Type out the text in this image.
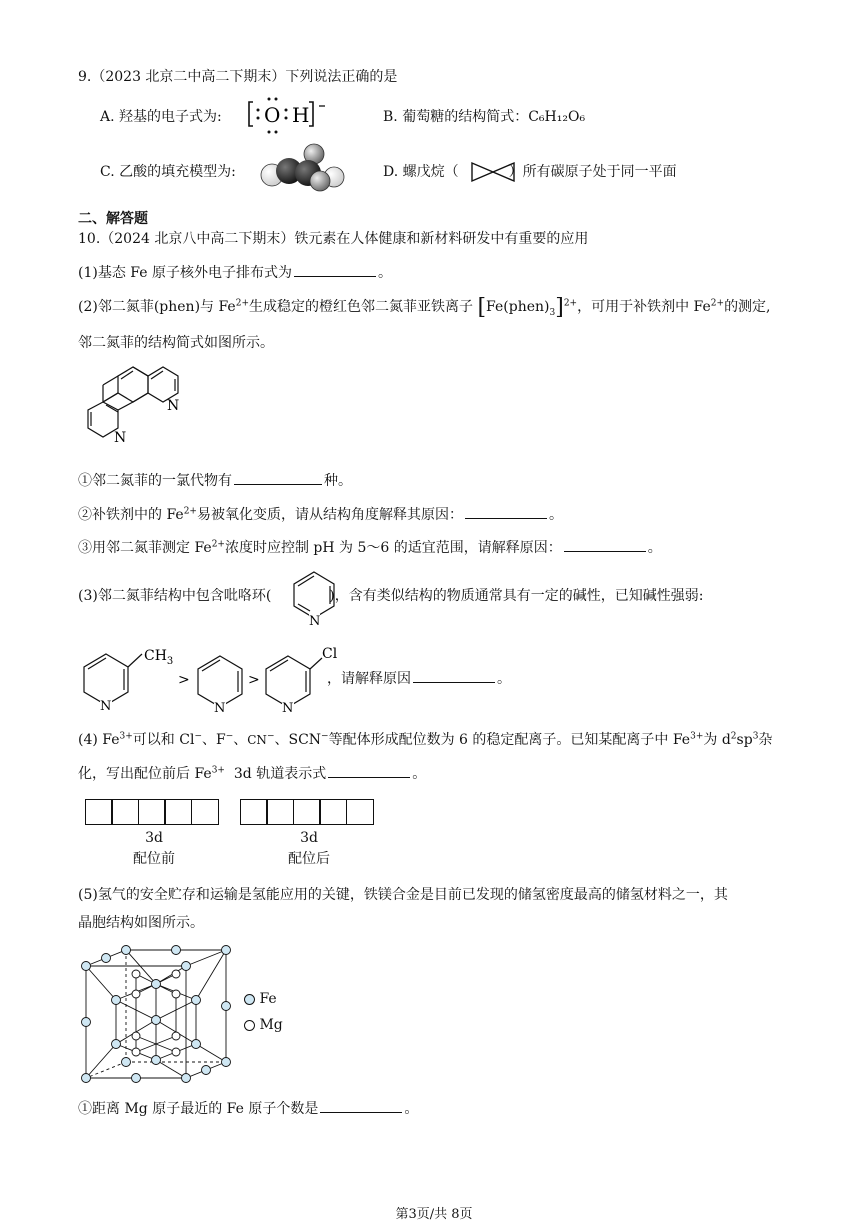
9.（2023 北京二中高二下期末）下列说法正确的是
A. 羟基的电子式为: O H	B. 葡萄糖的结构简式：C₆H₁₂O₆
C. 乙酸的填充模型为:	D. 螺戊烷（	）所有碳原子处于同一平面
二、解答题
10.（2024 北京八中高二下期末）铁元素在人体健康和新材料研发中有重要的应用
(1)基态 Fe 原子核外电子排布式为	。
(2)邻二氮菲(phen)与 $Fe^{2+}$生成稳定的橙红色邻二氮菲亚铁离子 $[Fe(phen)_3]^{2+}$，可用于补铁剂中 $Fe^{2+}$的测定,
邻二氮菲的结构简式如图所示。
N
N
①邻二氮菲的一氯代物有	种。
②补铁剂中的 $Fe^{2+}$易被氧化变质，请从结构角度解释其原因：	。
③用邻二氮菲测定 $Fe^{2+}$浓度时应控制 pH 为 5～6 的适宜范围，请解释原因：	。
(3)邻二氮菲结构中包含吡咯环(	)，含有类似结构的物质通常具有一定的碱性，已知碱性强弱:
N
N
$CH_3$
>
N
>
N
Cl
，请解释原因	。
(4) $Fe^{3+}$可以和 Cl−、F−、CN−、SCN−等配体形成配位数为 6 的稳定配离子。已知某配离子中 $Fe^{3+}$为 $d^2sp^3$杂
化，写出配位前后 $Fe^{3+}$ 3d 轨道表示式	。
3d	3d
配位前	配位后
(5)氢气的安全贮存和运输是氢能应用的关键，铁镁合金是目前已发现的储氢密度最高的储氢材料之一，其
晶胞结构如图所示。
Fe
Mg
①距离 Mg 原子最近的 Fe 原子个数是	。
第3页/共 8页
